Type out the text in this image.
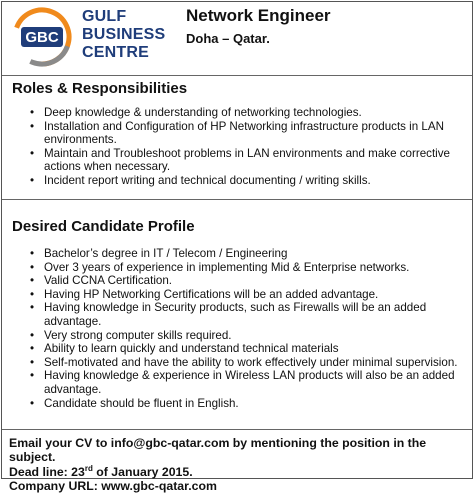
GBC
GULF
BUSINESS
CENTRE
Network Engineer
Doha – Qatar.
Roles & Responsibilities
• Deep knowledge & understanding of networking technologies.
• Installation and Configuration of HP Networking infrastructure products in LAN environments.
• Maintain and Troubleshoot problems in LAN environments and make corrective actions when necessary.
• Incident report writing and technical documenting / writing skills.
Desired Candidate Profile
• Bachelor’s degree in IT / Telecom / Engineering
• Over 3 years of experience in implementing Mid & Enterprise networks.
• Valid CCNA Certification.
• Having HP Networking Certifications will be an added advantage.
• Having knowledge in Security products, such as Firewalls will be an added advantage.
• Very strong computer skills required.
• Ability to learn quickly and understand technical materials
• Self-motivated and have the ability to work effectively under minimal supervision.
• Having knowledge & experience in Wireless LAN products will also be an added advantage.
• Candidate should be fluent in English.
Email your CV to info@gbc-qatar.com by mentioning the position in the subject.
Dead line: 23rd of January 2015.
Company URL: www.gbc-qatar.com
